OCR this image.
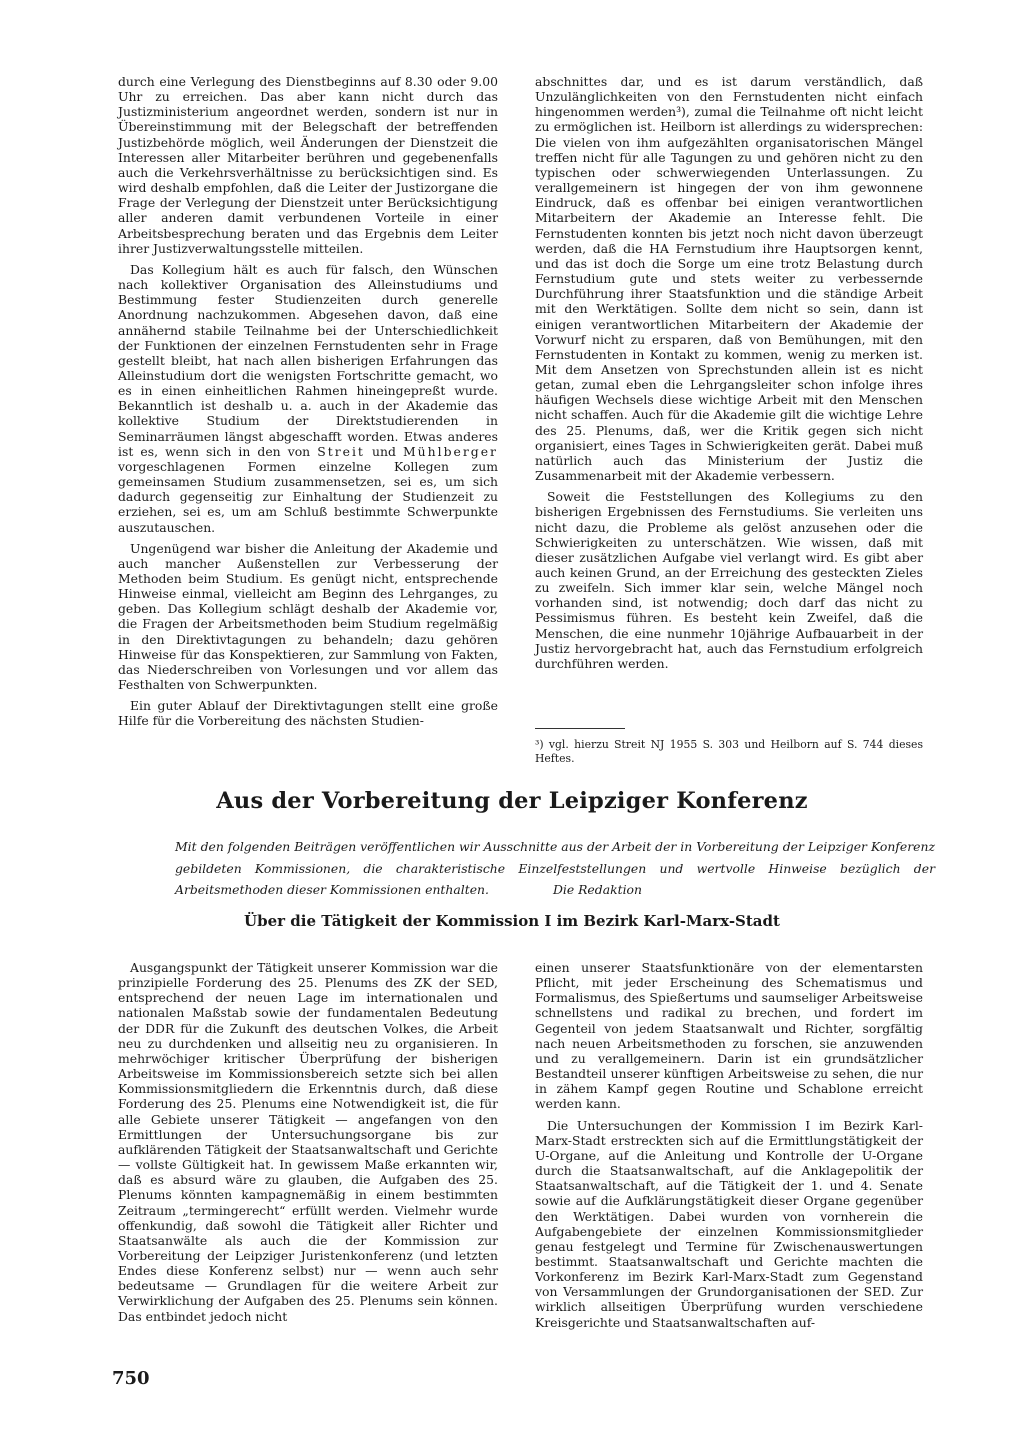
durch eine Verlegung des Dienstbeginns auf 8.30 oder 9.00 Uhr zu erreichen. Das aber kann nicht durch das Justizministerium angeordnet werden, sondern ist nur in Übereinstimmung mit der Belegschaft der betreffenden Justizbehörde möglich, weil Änderungen der Dienstzeit die Interessen aller Mitarbeiter berühren und gegebenenfalls auch die Verkehrsverhältnisse zu berücksichtigen sind. Es wird deshalb empfohlen, daß die Leiter der Justizorgane die Frage der Verlegung der Dienstzeit unter Berücksichtigung aller anderen damit verbundenen Vorteile in einer Arbeitsbesprechung beraten und das Ergebnis dem Leiter ihrer Justizverwaltungsstelle mitteilen.

Das Kollegium hält es auch für falsch, den Wünschen nach kollektiver Organisation des Alleinstudiums und Bestimmung fester Studienzeiten durch generelle Anordnung nachzukommen. Abgesehen davon, daß eine annähernd stabile Teilnahme bei der Unterschiedlichkeit der Funktionen der einzelnen Fernstudenten sehr in Frage gestellt bleibt, hat nach allen bisherigen Erfahrungen das Alleinstudium dort die wenigsten Fortschritte gemacht, wo es in einen einheitlichen Rahmen hineingepreßt wurde. Bekanntlich ist deshalb u. a. auch in der Akademie das kollektive Studium der Direktstudierenden in Seminarräumen längst abgeschafft worden. Etwas anderes ist es, wenn sich in den von Streit und Mühlberger vorgeschlagenen Formen einzelne Kollegen zum gemeinsamen Studium zusammensetzen, sei es, um sich dadurch gegenseitig zur Einhaltung der Studienzeit zu erziehen, sei es, um am Schluß bestimmte Schwerpunkte auszutauschen.

Ungenügend war bisher die Anleitung der Akademie und auch mancher Außenstellen zur Verbesserung der Methoden beim Studium. Es genügt nicht, entsprechende Hinweise einmal, vielleicht am Beginn des Lehrganges, zu geben. Das Kollegium schlägt deshalb der Akademie vor, die Fragen der Arbeitsmethoden beim Studium regelmäßig in den Direktivtagungen zu behandeln; dazu gehören Hinweise für das Konspektieren, zur Sammlung von Fakten, das Niederschreiben von Vorlesungen und vor allem das Festhalten von Schwerpunkten.

Ein guter Ablauf der Direktivtagungen stellt eine große Hilfe für die Vorbereitung des nächsten Studien-

abschnittes dar, und es ist darum verständlich, daß Unzulänglichkeiten von den Fernstudenten nicht einfach hingenommen werden³), zumal die Teilnahme oft nicht leicht zu ermöglichen ist. Heilborn ist allerdings zu widersprechen: Die vielen von ihm aufgezählten organisatorischen Mängel treffen nicht für alle Tagungen zu und gehören nicht zu den typischen oder schwerwiegenden Unterlassungen. Zu verallgemeinern ist hingegen der von ihm gewonnene Eindruck, daß es offenbar bei einigen verantwortlichen Mitarbeitern der Akademie an Interesse fehlt. Die Fernstudenten konnten bis jetzt noch nicht davon überzeugt werden, daß die HA Fernstudium ihre Hauptsorgen kennt, und das ist doch die Sorge um eine trotz Belastung durch Fernstudium gute und stets weiter zu verbessernde Durchführung ihrer Staatsfunktion und die ständige Arbeit mit den Werktätigen. Sollte dem nicht so sein, dann ist einigen verantwortlichen Mitarbeitern der Akademie der Vorwurf nicht zu ersparen, daß von Bemühungen, mit den Fernstudenten in Kontakt zu kommen, wenig zu merken ist. Mit dem Ansetzen von Sprechstunden allein ist es nicht getan, zumal eben die Lehrgangsleiter schon infolge ihres häufigen Wechsels diese wichtige Arbeit mit den Menschen nicht schaffen. Auch für die Akademie gilt die wichtige Lehre des 25. Plenums, daß, wer die Kritik gegen sich nicht organisiert, eines Tages in Schwierigkeiten gerät. Dabei muß natürlich auch das Ministerium der Justiz die Zusammenarbeit mit der Akademie verbessern.

Soweit die Feststellungen des Kollegiums zu den bisherigen Ergebnissen des Fernstudiums. Sie verleiten uns nicht dazu, die Probleme als gelöst anzusehen oder die Schwierigkeiten zu unterschätzen. Wie wissen, daß mit dieser zusätzlichen Aufgabe viel verlangt wird. Es gibt aber auch keinen Grund, an der Erreichung des gesteckten Zieles zu zweifeln. Sich immer klar sein, welche Mängel noch vorhanden sind, ist notwendig; doch darf das nicht zu Pessimismus führen. Es besteht kein Zweifel, daß die Menschen, die eine nunmehr 10jährige Aufbauarbeit in der Justiz hervorgebracht hat, auch das Fernstudium erfolgreich durchführen werden.

³) vgl. hierzu Streit NJ 1955 S. 303 und Heilborn auf S. 744 dieses Heftes.
Aus der Vorbereitung der Leipziger Konferenz
Mit den folgenden Beiträgen veröffentlichen wir Ausschnitte aus der Arbeit der in Vorbereitung der Leipziger Konferenz gebildeten Kommissionen, die charakteristische Einzelfeststellungen und wertvolle Hinweise bezüglich der Arbeitsmethoden dieser Kommissionen enthalten.	Die Redaktion
Über die Tätigkeit der Kommission I im Bezirk Karl-Marx-Stadt

Ausgangspunkt der Tätigkeit unserer Kommission war die prinzipielle Forderung des 25. Plenums des ZK der SED, entsprechend der neuen Lage im internationalen und nationalen Maßstab sowie der fundamentalen Bedeutung der DDR für die Zukunft des deutschen Volkes, die Arbeit neu zu durchdenken und allseitig neu zu organisieren. In mehrwöchiger kritischer Überprüfung der bisherigen Arbeitsweise im Kommissionsbereich setzte sich bei allen Kommissionsmitgliedern die Erkenntnis durch, daß diese Forderung des 25. Plenums eine Notwendigkeit ist, die für alle Gebiete unserer Tätigkeit — angefangen von den Ermittlungen der Untersuchungsorgane bis zur aufklärenden Tätigkeit der Staatsanwaltschaft und Gerichte — vollste Gültigkeit hat. In gewissem Maße erkannten wir, daß es absurd wäre zu glauben, die Aufgaben des 25. Plenums könnten kampagnemäßig in einem bestimmten Zeitraum „termingerecht“ erfüllt werden. Vielmehr wurde offenkundig, daß sowohl die Tätigkeit aller Richter und Staatsanwälte als auch die der Kommission zur Vorbereitung der Leipziger Juristenkonferenz (und letzten Endes diese Konferenz selbst) nur — wenn auch sehr bedeutsame — Grundlagen für die weitere Arbeit zur Verwirklichung der Aufgaben des 25. Plenums sein können. Das entbindet jedoch nicht

einen unserer Staatsfunktionäre von der elementarsten Pflicht, mit jeder Erscheinung des Schematismus und Formalismus, des Spießertums und saumseliger Arbeitsweise schnellstens und radikal zu brechen, und fordert im Gegenteil von jedem Staatsanwalt und Richter, sorgfältig nach neuen Arbeitsmethoden zu forschen, sie anzuwenden und zu verallgemeinern. Darin ist ein grundsätzlicher Bestandteil unserer künftigen Arbeitsweise zu sehen, die nur in zähem Kampf gegen Routine und Schablone erreicht werden kann.

Die Untersuchungen der Kommission I im Bezirk Karl-Marx-Stadt erstreckten sich auf die Ermittlungstätigkeit der U-Organe, auf die Anleitung und Kontrolle der U-Organe durch die Staatsanwaltschaft, auf die Anklagepolitik der Staatsanwaltschaft, auf die Tätigkeit der 1. und 4. Senate sowie auf die Aufklärungstätigkeit dieser Organe gegenüber den Werktätigen. Dabei wurden von vornherein die Aufgabengebiete der einzelnen Kommissionsmitglieder genau festgelegt und Termine für Zwischenauswertungen bestimmt. Staatsanwaltschaft und Gerichte machten die Vorkonferenz im Bezirk Karl-Marx-Stadt zum Gegenstand von Versammlungen der Grundorganisationen der SED. Zur wirklich allseitigen Überprüfung wurden verschiedene Kreisgerichte und Staatsanwaltschaften auf-

750
